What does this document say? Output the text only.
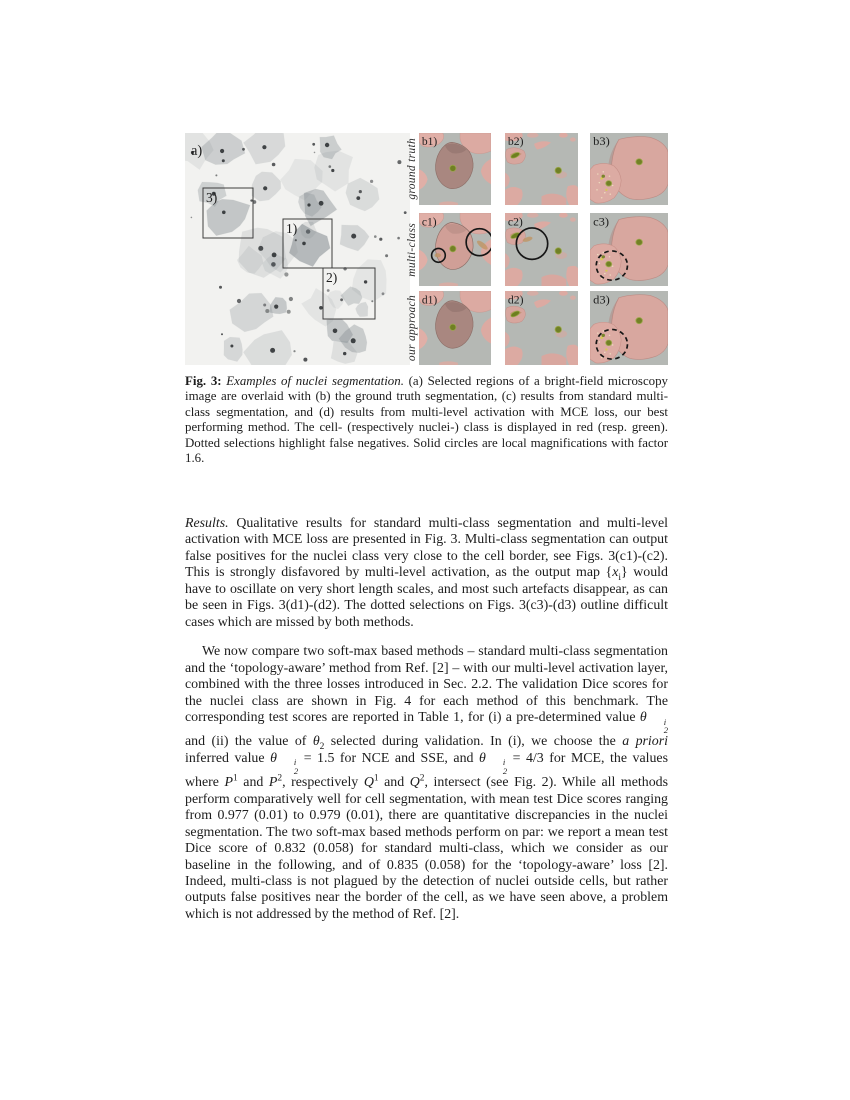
1)
2)
3)
a)	ground truth b1)	b2)	b3)
multi-class
c1)	c2)	c3)
our approach d1)	d2)	d3)
Fig. 3: Examples of nuclei segmentation. (a) Selected regions of a bright-field microscopy image are overlaid with (b) the ground truth segmentation, (c) results from standard multi-class segmentation, and (d) results from multi-level activation with MCE loss, our best performing method. The cell- (respectively nuclei-) class is displayed in red (resp. green). Dotted selections highlight false negatives. Solid circles are local magnifications with factor 1.6.

Results. Qualitative results for standard multi-class segmentation and multi-level activation with MCE loss are presented in Fig. 3. Multi-class segmentation can output false positives for the nuclei class very close to the cell border, see Figs. 3(c1)-(c2). This is strongly disfavored by multi-level activation, as the output map $\{x_i\}$ would have to oscillate on very short length scales, and most such artefacts disappear, as can be seen in Figs. 3(d1)-(d2). The dotted selections on Figs. 3(c3)-(d3) outline difficult cases which are missed by both methods.

We now compare two soft-max based methods – standard multi-class segmentation and the ‘topology-aware’ method from Ref. [2] – with our multi-level activation layer, combined with the three losses introduced in Sec. 2.2. The validation Dice scores for the nuclei class are shown in Fig. 4 for each method of this benchmark. The corresponding test scores are reported in Table 1, for (i) a pre-determined value θ	i
2
and (ii) the value of $\theta_2$ selected during validation. In (i), we choose the a priori inferred value θ	i
2
= 1.5 for NCE and SSE, and θ	i
2
= 4/3 for MCE, the values where $P^1$ and $P^2$, respectively $Q^1$ and $Q^2$, intersect (see Fig. 2). While all methods perform comparatively well for cell segmentation, with mean test Dice scores ranging from 0.977 (0.01) to 0.979 (0.01), there are quantitative discrepancies in the nuclei segmentation. The two soft-max based methods perform on par: we report a mean test Dice score of 0.832 (0.058) for standard multi-class, which we consider as our baseline in the following, and of 0.835 (0.058) for the ‘topology-aware’ loss [2]. Indeed, multi-class is not plagued by the detection of nuclei outside cells, but rather outputs false positives near the border of the cell, as we have seen above, a problem which is not addressed by the method of Ref. [2].
